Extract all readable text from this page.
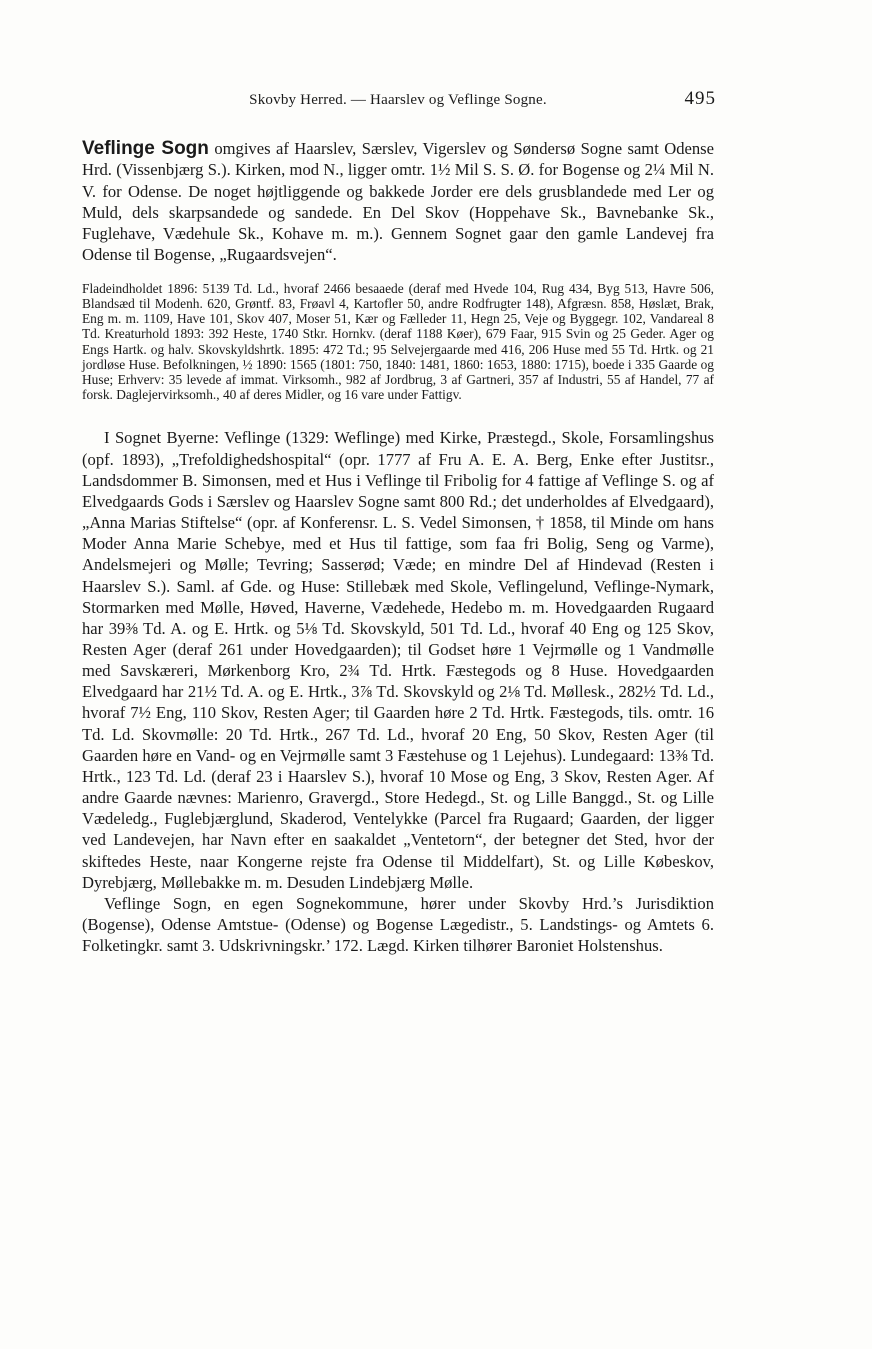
Skovby Herred. — Haarslev og Veflinge Sogne.	495

Veflinge Sogn omgives af Haarslev, Særslev, Vigerslev og Søndersø Sogne samt Odense Hrd. (Vissenbjærg S.). Kirken, mod N., ligger omtr. 1½ Mil S. S. Ø. for Bogense og 2¼ Mil N. V. for Odense. De noget højtliggende og bakkede Jorder ere dels grusblandede med Ler og Muld, dels skarpsandede og sandede. En Del Skov (Hoppehave Sk., Bavnebanke Sk., Fuglehave, Vædehule Sk., Kohave m. m.). Gennem Sognet gaar den gamle Landevej fra Odense til Bogense, „Rugaardsvejen“.

Fladeindholdet 1896: 5139 Td. Ld., hvoraf 2466 besaaede (deraf med Hvede 104, Rug 434, Byg 513, Havre 506, Blandsæd til Modenh. 620, Grøntf. 83, Frøavl 4, Kartofler 50, andre Rodfrugter 148), Afgræsn. 858, Høslæt, Brak, Eng m. m. 1109, Have 101, Skov 407, Moser 51, Kær og Fælleder 11, Hegn 25, Veje og Byggegr. 102, Vandareal 8 Td. Kreaturhold 1893: 392 Heste, 1740 Stkr. Hornkv. (deraf 1188 Køer), 679 Faar, 915 Svin og 25 Geder. Ager og Engs Hartk. og halv. Skovskyldshrtk. 1895: 472 Td.; 95 Selvejergaarde med 416, 206 Huse med 55 Td. Hrtk. og 21 jordløse Huse. Befolkningen, ½ 1890: 1565 (1801: 750, 1840: 1481, 1860: 1653, 1880: 1715), boede i 335 Gaarde og Huse; Erhverv: 35 levede af immat. Virksomh., 982 af Jordbrug, 3 af Gartneri, 357 af Industri, 55 af Handel, 77 af forsk. Daglejervirksomh., 40 af deres Midler, og 16 vare under Fattigv.

I Sognet Byerne: Veflinge (1329: Weflinge) med Kirke, Præstegd., Skole, Forsamlingshus (opf. 1893), „Trefoldighedshospital“ (opr. 1777 af Fru A. E. A. Berg, Enke efter Justitsr., Landsdommer B. Simonsen, med et Hus i Veflinge til Fribolig for 4 fattige af Veflinge S. og af Elvedgaards Gods i Særslev og Haarslev Sogne samt 800 Rd.; det underholdes af Elvedgaard), „Anna Marias Stiftelse“ (opr. af Konferensr. L. S. Vedel Simonsen, † 1858, til Minde om hans Moder Anna Marie Schebye, med et Hus til fattige, som faa fri Bolig, Seng og Varme), Andelsmejeri og Mølle; Tevring; Sasserød; Væde; en mindre Del af Hindevad (Resten i Haarslev S.). Saml. af Gde. og Huse: Stillebæk med Skole, Veflingelund, Veflinge-Nymark, Stormarken med Mølle, Høved, Haverne, Vædehede, Hedebo m. m. Hovedgaarden Rugaard har 39⅜ Td. A. og E. Hrtk. og 5⅛ Td. Skovskyld, 501 Td. Ld., hvoraf 40 Eng og 125 Skov, Resten Ager (deraf 261 under Hovedgaarden); til Godset høre 1 Vejrmølle og 1 Vandmølle med Savskæreri, Mørkenborg Kro, 2¾ Td. Hrtk. Fæstegods og 8 Huse. Hovedgaarden Elvedgaard har 21½ Td. A. og E. Hrtk., 3⅞ Td. Skovskyld og 2⅛ Td. Møllesk., 282½ Td. Ld., hvoraf 7½ Eng, 110 Skov, Resten Ager; til Gaarden høre 2 Td. Hrtk. Fæstegods, tils. omtr. 16 Td. Ld. Skovmølle: 20 Td. Hrtk., 267 Td. Ld., hvoraf 20 Eng, 50 Skov, Resten Ager (til Gaarden høre en Vand- og en Vejrmølle samt 3 Fæstehuse og 1 Lejehus). Lundegaard: 13⅜ Td. Hrtk., 123 Td. Ld. (deraf 23 i Haarslev S.), hvoraf 10 Mose og Eng, 3 Skov, Resten Ager. Af andre Gaarde nævnes: Marienro, Gravergd., Store Hedegd., St. og Lille Banggd., St. og Lille Vædeledg., Fuglebjærglund, Skaderod, Ventelykke (Parcel fra Rugaard; Gaarden, der ligger ved Landevejen, har Navn efter en saakaldet „Ventetorn“, der betegner det Sted, hvor der skiftedes Heste, naar Kongerne rejste fra Odense til Middelfart), St. og Lille Købeskov, Dyrebjærg, Møllebakke m. m. Desuden Lindebjærg Mølle.

Veflinge Sogn, en egen Sognekommune, hører under Skovby Hrd.’s Jurisdiktion (Bogense), Odense Amtstue- (Odense) og Bogense Lægedistr., 5. Landstings- og Amtets 6. Folketingkr. samt 3. Udskrivningskr.’ 172. Lægd. Kirken tilhører Baroniet Holstenshus.
